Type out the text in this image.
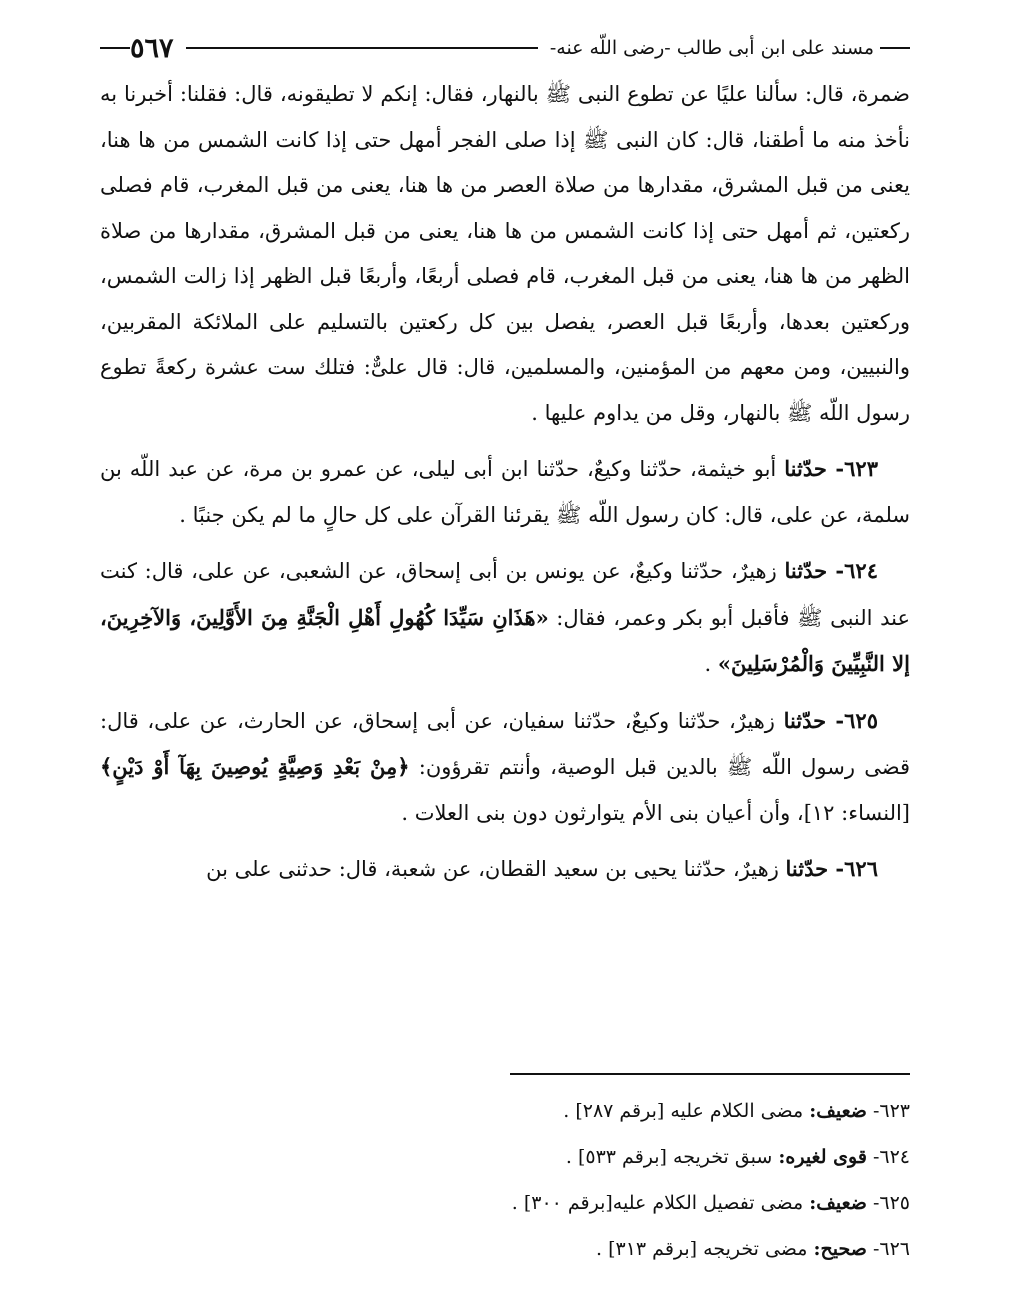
مسند على ابن أبى طالب -رضى اللّه عنه-
٥٦٧

ضمرة، قال: سألنا عليًا عن تطوع النبى ﷺ بالنهار، فقال: إنكم لا تطيقونه، قال: فقلنا: أخبرنا به نأخذ منه ما أطقنا، قال: كان النبى ﷺ إذا صلى الفجر أمهل حتى إذا كانت الشمس من ها هنا، يعنى من قبل المشرق، مقدارها من صلاة العصر من ها هنا، يعنى من قبل المغرب، قام فصلى ركعتين، ثم أمهل حتى إذا كانت الشمس من ها هنا، يعنى من قبل المشرق، مقدارها من صلاة الظهر من ها هنا، يعنى من قبل المغرب، قام فصلى أربعًا، وأربعًا قبل الظهر إذا زالت الشمس، وركعتين بعدها، وأربعًا قبل العصر، يفصل بين كل ركعتين بالتسليم على الملائكة المقربين، والنبيين، ومن معهم من المؤمنين، والمسلمين، قال: قال علىٌّ: فتلك ست عشرة ركعةً تطوع رسول اللّه ﷺ بالنهار، وقل من يداوم عليها .

٦٢٣- حدّثنا أبو خيثمة، حدّثنا وكيعٌ، حدّثنا ابن أبى ليلى، عن عمرو بن مرة، عن عبد اللّه بن سلمة، عن على، قال: كان رسول اللّه ﷺ يقرئنا القرآن على كل حالٍ ما لم يكن جنبًا .

٦٢٤- حدّثنا زهيرٌ، حدّثنا وكيعٌ، عن يونس بن أبى إسحاق، عن الشعبى، عن على، قال: كنت عند النبى ﷺ فأقبل أبو بكر وعمر، فقال: «هَذَانِ سَيِّدَا كُهُولِ أَهْلِ الْجَنَّةِ مِنَ الأَوَّلِينَ، وَالآخِرِينَ، إلا النَّبِيِّينَ وَالْمُرْسَلِينَ» .

٦٢٥- حدّثنا زهيرٌ، حدّثنا وكيعٌ، حدّثنا سفيان، عن أبى إسحاق، عن الحارث، عن على، قال: قضى رسول اللّه ﷺ بالدين قبل الوصية، وأنتم تقرؤون: ﴿مِنْ بَعْدِ وَصِيَّةٍ يُوصِينَ بِهَآ أَوْ دَيْنٍ﴾ [النساء: ١٢]، وأن أعيان بنى الأم يتوارثون دون بنى العلات .

٦٢٦- حدّثنا زهيرٌ، حدّثنا يحيى بن سعيد القطان، عن شعبة، قال: حدثنى على بن

٦٢٣- ضعيف: مضى الكلام عليه [برقم ٢٨٧] .
٦٢٤- قوى لغيره: سبق تخريجه [برقم ٥٣٣] .
٦٢٥- ضعيف: مضى تفصيل الكلام عليه[برقم ٣٠٠] .
٦٢٦- صحيح: مضى تخريجه [برقم ٣١٣] .
